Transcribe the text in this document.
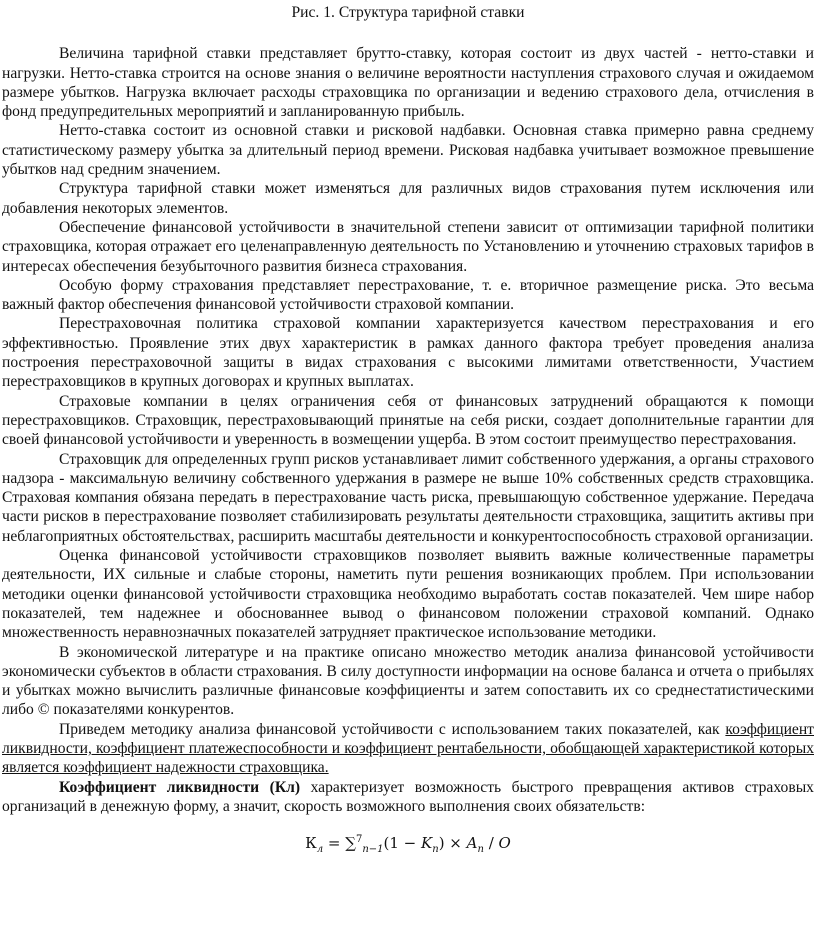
Рис. 1. Структура тарифной ставки

Величина тарифной ставки представляет брутто-ставку, которая состоит из двух частей - нетто-ставки и нагрузки. Нетто-ставка строится на основе знания о величине вероятности наступления страхового случая и ожидаемом размере убытков. Нагрузка включает расходы страховщика по организации и ведению страхового дела, отчисления в фонд предупредительных мероприятий и запланированную прибыль.

Нетто-ставка состоит из основной ставки и рисковой надбавки. Основная ставка примерно равна среднему статистическому размеру убытка за длительный период времени. Рисковая надбавка учитывает возможное превышение убытков над средним значением.

Структура тарифной ставки может изменяться для различных видов страхования путем исключения или добавления некоторых элементов.

Обеспечение финансовой устойчивости в значительной степени зависит от оптимизации тарифной политики страховщика, которая отражает его целенаправленную деятельность по Установлению и уточнению страховых тарифов в интересах обеспечения безубыточного развития бизнеса страхования.

Особую форму страхования представляет перестрахование, т. е. вторичное размещение риска. Это весьма важный фактор обеспечения финансовой устойчивости страховой компании.

Перестраховочная политика страховой компании характеризуется качеством перестрахования и его эффективностью. Проявление этих двух характеристик в рамках данного фактора требует проведения анализа построения перестраховочной защиты в видах страхования с высокими лимитами ответственности, Участием перестраховщиков в крупных договорах и крупных выплатах.

Страховые компании в целях ограничения себя от финансовых затруднений обращаются к помощи перестраховщиков. Страховщик, перестраховывающий принятые на себя риски, создает дополнительные гарантии для своей финансовой устойчивости и уверенность в возмещении ущерба. В этом состоит преимущество перестрахования.

Страховщик для определенных групп рисков устанавливает лимит собственного удержания, а органы страхового надзора - максимальную величину собственного удержания в размере не выше 10% собственных средств страховщика. Страховая компания обязана передать в перестрахование часть риска, превышающую собственное удержание. Передача части рисков в перестрахование позволяет стабилизировать результаты деятельности страховщика, защитить активы при неблагоприятных обстоятельствах, расширить масштабы деятельности и конкурентоспособность страховой организации.

Оценка финансовой устойчивости страховщиков позволяет выявить важные количественные параметры деятельности, ИХ сильные и слабые стороны, наметить пути решения возникающих проблем. При использовании методики оценки финансовой устойчивости страховщика необходимо выработать состав показателей. Чем шире набор показателей, тем надежнее и обоснованнее вывод о финансовом положении страховой компаний. Однако множественность неравнозначных показателей затрудняет практическое использование методики.

В экономической литературе и на практике описано множество методик анализа финансовой устойчивости экономически субъектов в области страхования. В силу доступности информации на основе баланса и отчета о прибылях и убытках можно вычислить различные финансовые коэффициенты и затем сопоставить их со среднестатистическими либо © показателями конкурентов.

Приведем методику анализа финансовой устойчивости с использованием таких показателей, как коэффициент ликвидности, коэффициент платежеспособности и коэффициент рентабельности, обобщающей характеристикой которых является коэффициент надежности страховщика.

Коэффициент ликвидности (Кл) характеризует возможность быстрого превращения активов страховых организаций в денежную форму, а значит, скорость возможного выполнения своих обязательств:

$К_л = \sum^7_{n-1}(1 - K_n) \times A_n / O$
